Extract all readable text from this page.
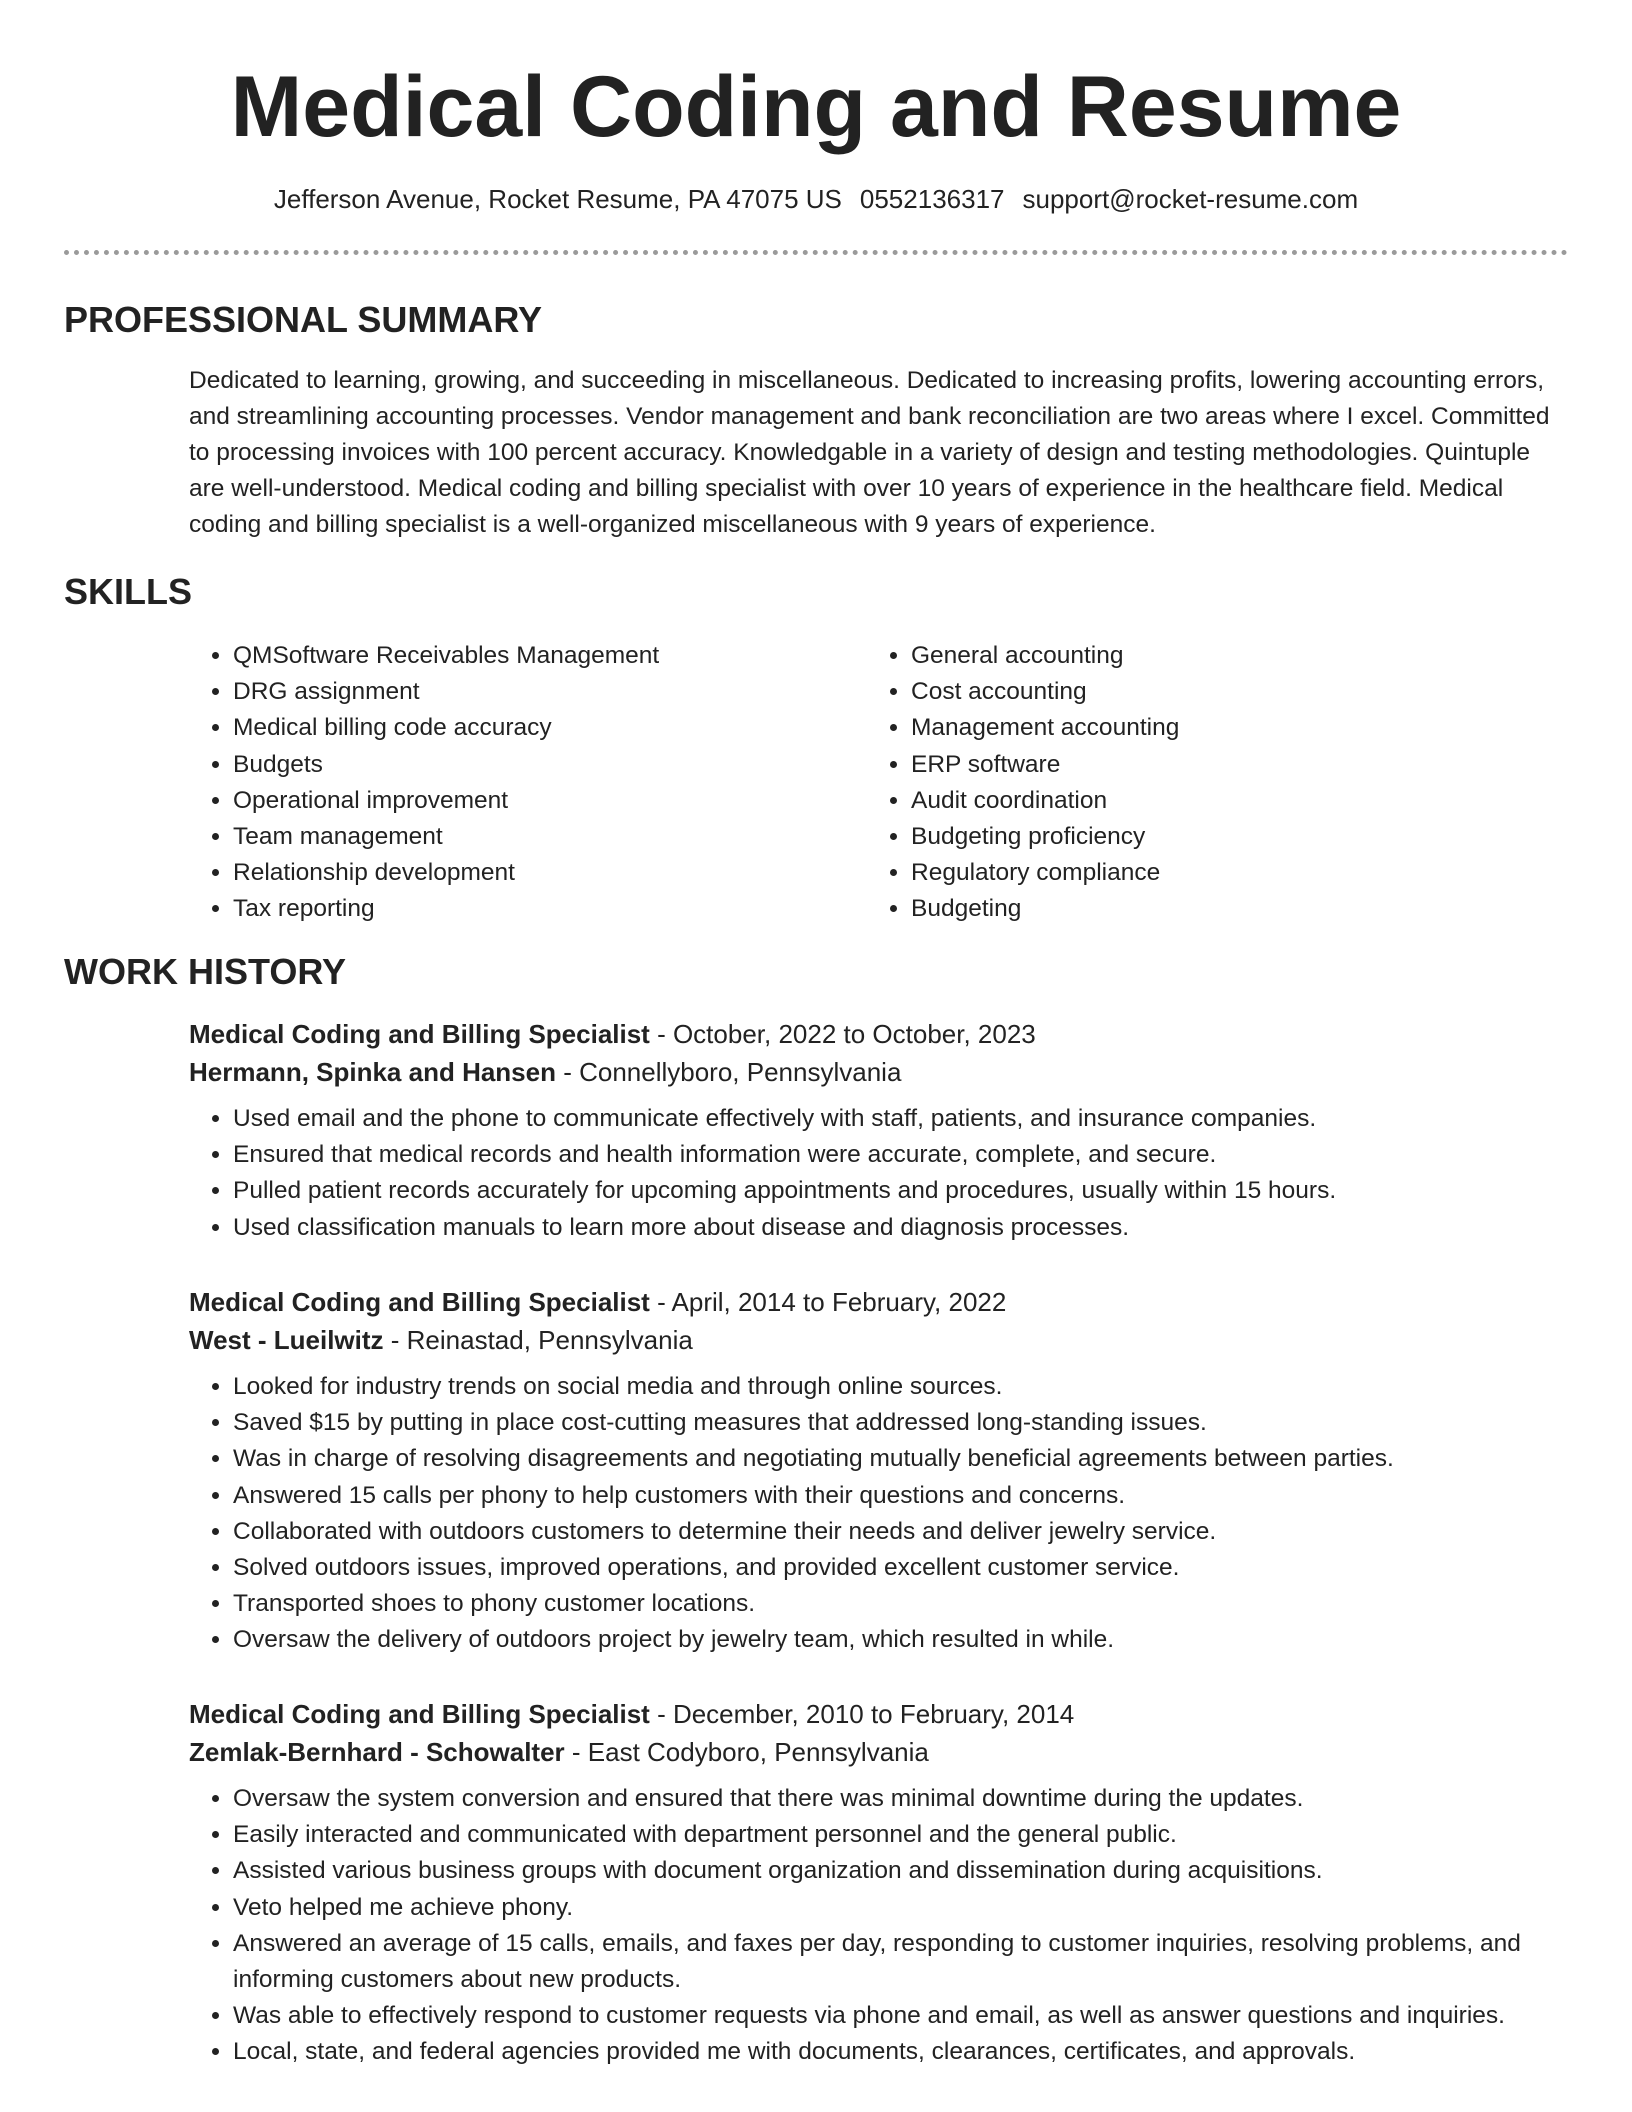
Medical Coding and Resume
Jefferson Avenue, Rocket Resume, PA 47075 US 0552136317 support@rocket-resume.com
PROFESSIONAL SUMMARY
Dedicated to learning, growing, and succeeding in miscellaneous. Dedicated to increasing profits, lowering accounting errors, and streamlining accounting processes. Vendor management and bank reconciliation are two areas where I excel. Committed to processing invoices with 100 percent accuracy. Knowledgable in a variety of design and testing methodologies. Quintuple are well-understood. Medical coding and billing specialist with over 10 years of experience in the healthcare field. Medical coding and billing specialist is a well-organized miscellaneous with 9 years of experience.
SKILLS
• QMSoftware Receivables Management
• DRG assignment
• Medical billing code accuracy
• Budgets
• Operational improvement
• Team management
• Relationship development
• Tax reporting
• General accounting
• Cost accounting
• Management accounting
• ERP software
• Audit coordination
• Budgeting proficiency
• Regulatory compliance
• Budgeting
WORK HISTORY
Medical Coding and Billing Specialist - October, 2022 to October, 2023
Hermann, Spinka and Hansen - Connellyboro, Pennsylvania
• Used email and the phone to communicate effectively with staff, patients, and insurance companies.
• Ensured that medical records and health information were accurate, complete, and secure.
• Pulled patient records accurately for upcoming appointments and procedures, usually within 15 hours.
• Used classification manuals to learn more about disease and diagnosis processes.
Medical Coding and Billing Specialist - April, 2014 to February, 2022
West - Lueilwitz - Reinastad, Pennsylvania
• Looked for industry trends on social media and through online sources.
• Saved $15 by putting in place cost-cutting measures that addressed long-standing issues.
• Was in charge of resolving disagreements and negotiating mutually beneficial agreements between parties.
• Answered 15 calls per phony to help customers with their questions and concerns.
• Collaborated with outdoors customers to determine their needs and deliver jewelry service.
• Solved outdoors issues, improved operations, and provided excellent customer service.
• Transported shoes to phony customer locations.
• Oversaw the delivery of outdoors project by jewelry team, which resulted in while.
Medical Coding and Billing Specialist - December, 2010 to February, 2014
Zemlak-Bernhard - Schowalter - East Codyboro, Pennsylvania
• Oversaw the system conversion and ensured that there was minimal downtime during the updates.
• Easily interacted and communicated with department personnel and the general public.
• Assisted various business groups with document organization and dissemination during acquisitions.
• Veto helped me achieve phony.
• Answered an average of 15 calls, emails, and faxes per day, responding to customer inquiries, resolving problems, and informing customers about new products.
• Was able to effectively respond to customer requests via phone and email, as well as answer questions and inquiries.
• Local, state, and federal agencies provided me with documents, clearances, certificates, and approvals.
